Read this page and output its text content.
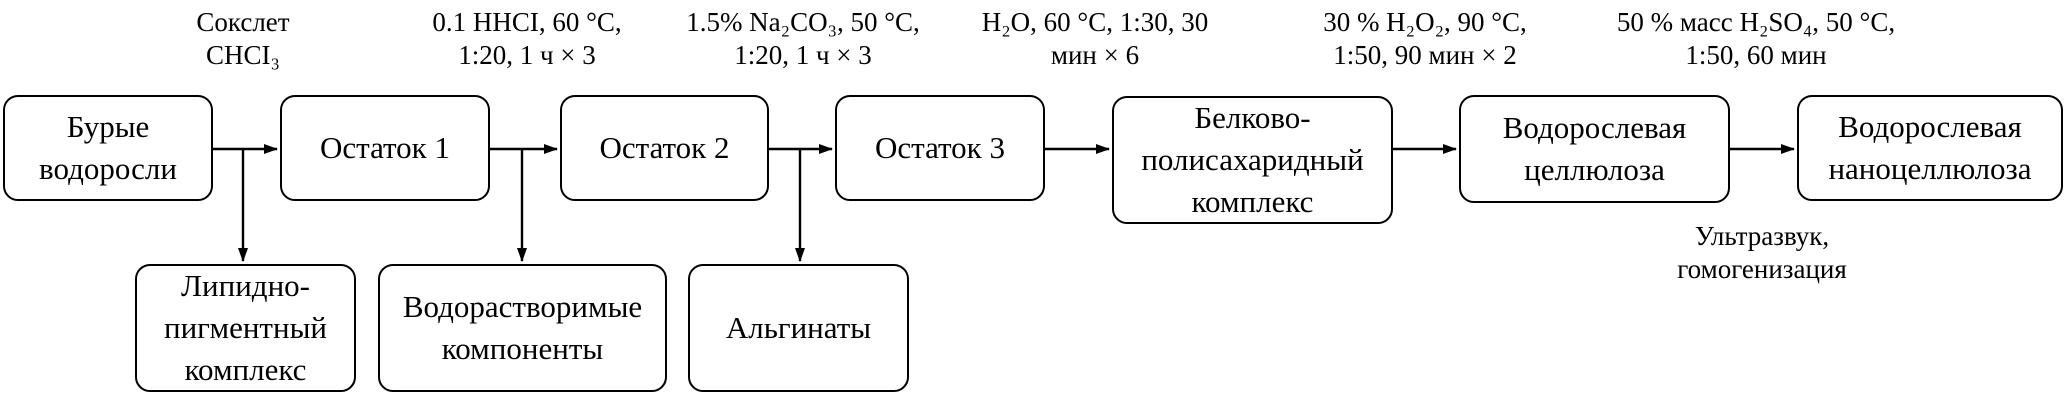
Сокслет
CHCI₃
0.1 HHCI, 60 °C,
1:20, 1 ч × 3
1.5% Na₂CO₃, 50 °C,
1:20, 1 ч × 3
H₂O, 60 °C, 1:30, 30
мин × 6
30 % H₂O₂, 90 °C,
1:50, 90 мин × 2
50 % масс H₂SO₄, 50 °C,
1:50, 60 мин
Ультразвук,
гомогенизация
Бурые
водоросли
Остаток 1	Остаток 2	Остаток 3
Белково-
полисахаридный
комплекс
Водорослевая
целлюлоза
Водорослевая
наноцеллюлоза
Липидно-
пигментный
комплекс
Водорастворимые
компоненты
Альгинаты
